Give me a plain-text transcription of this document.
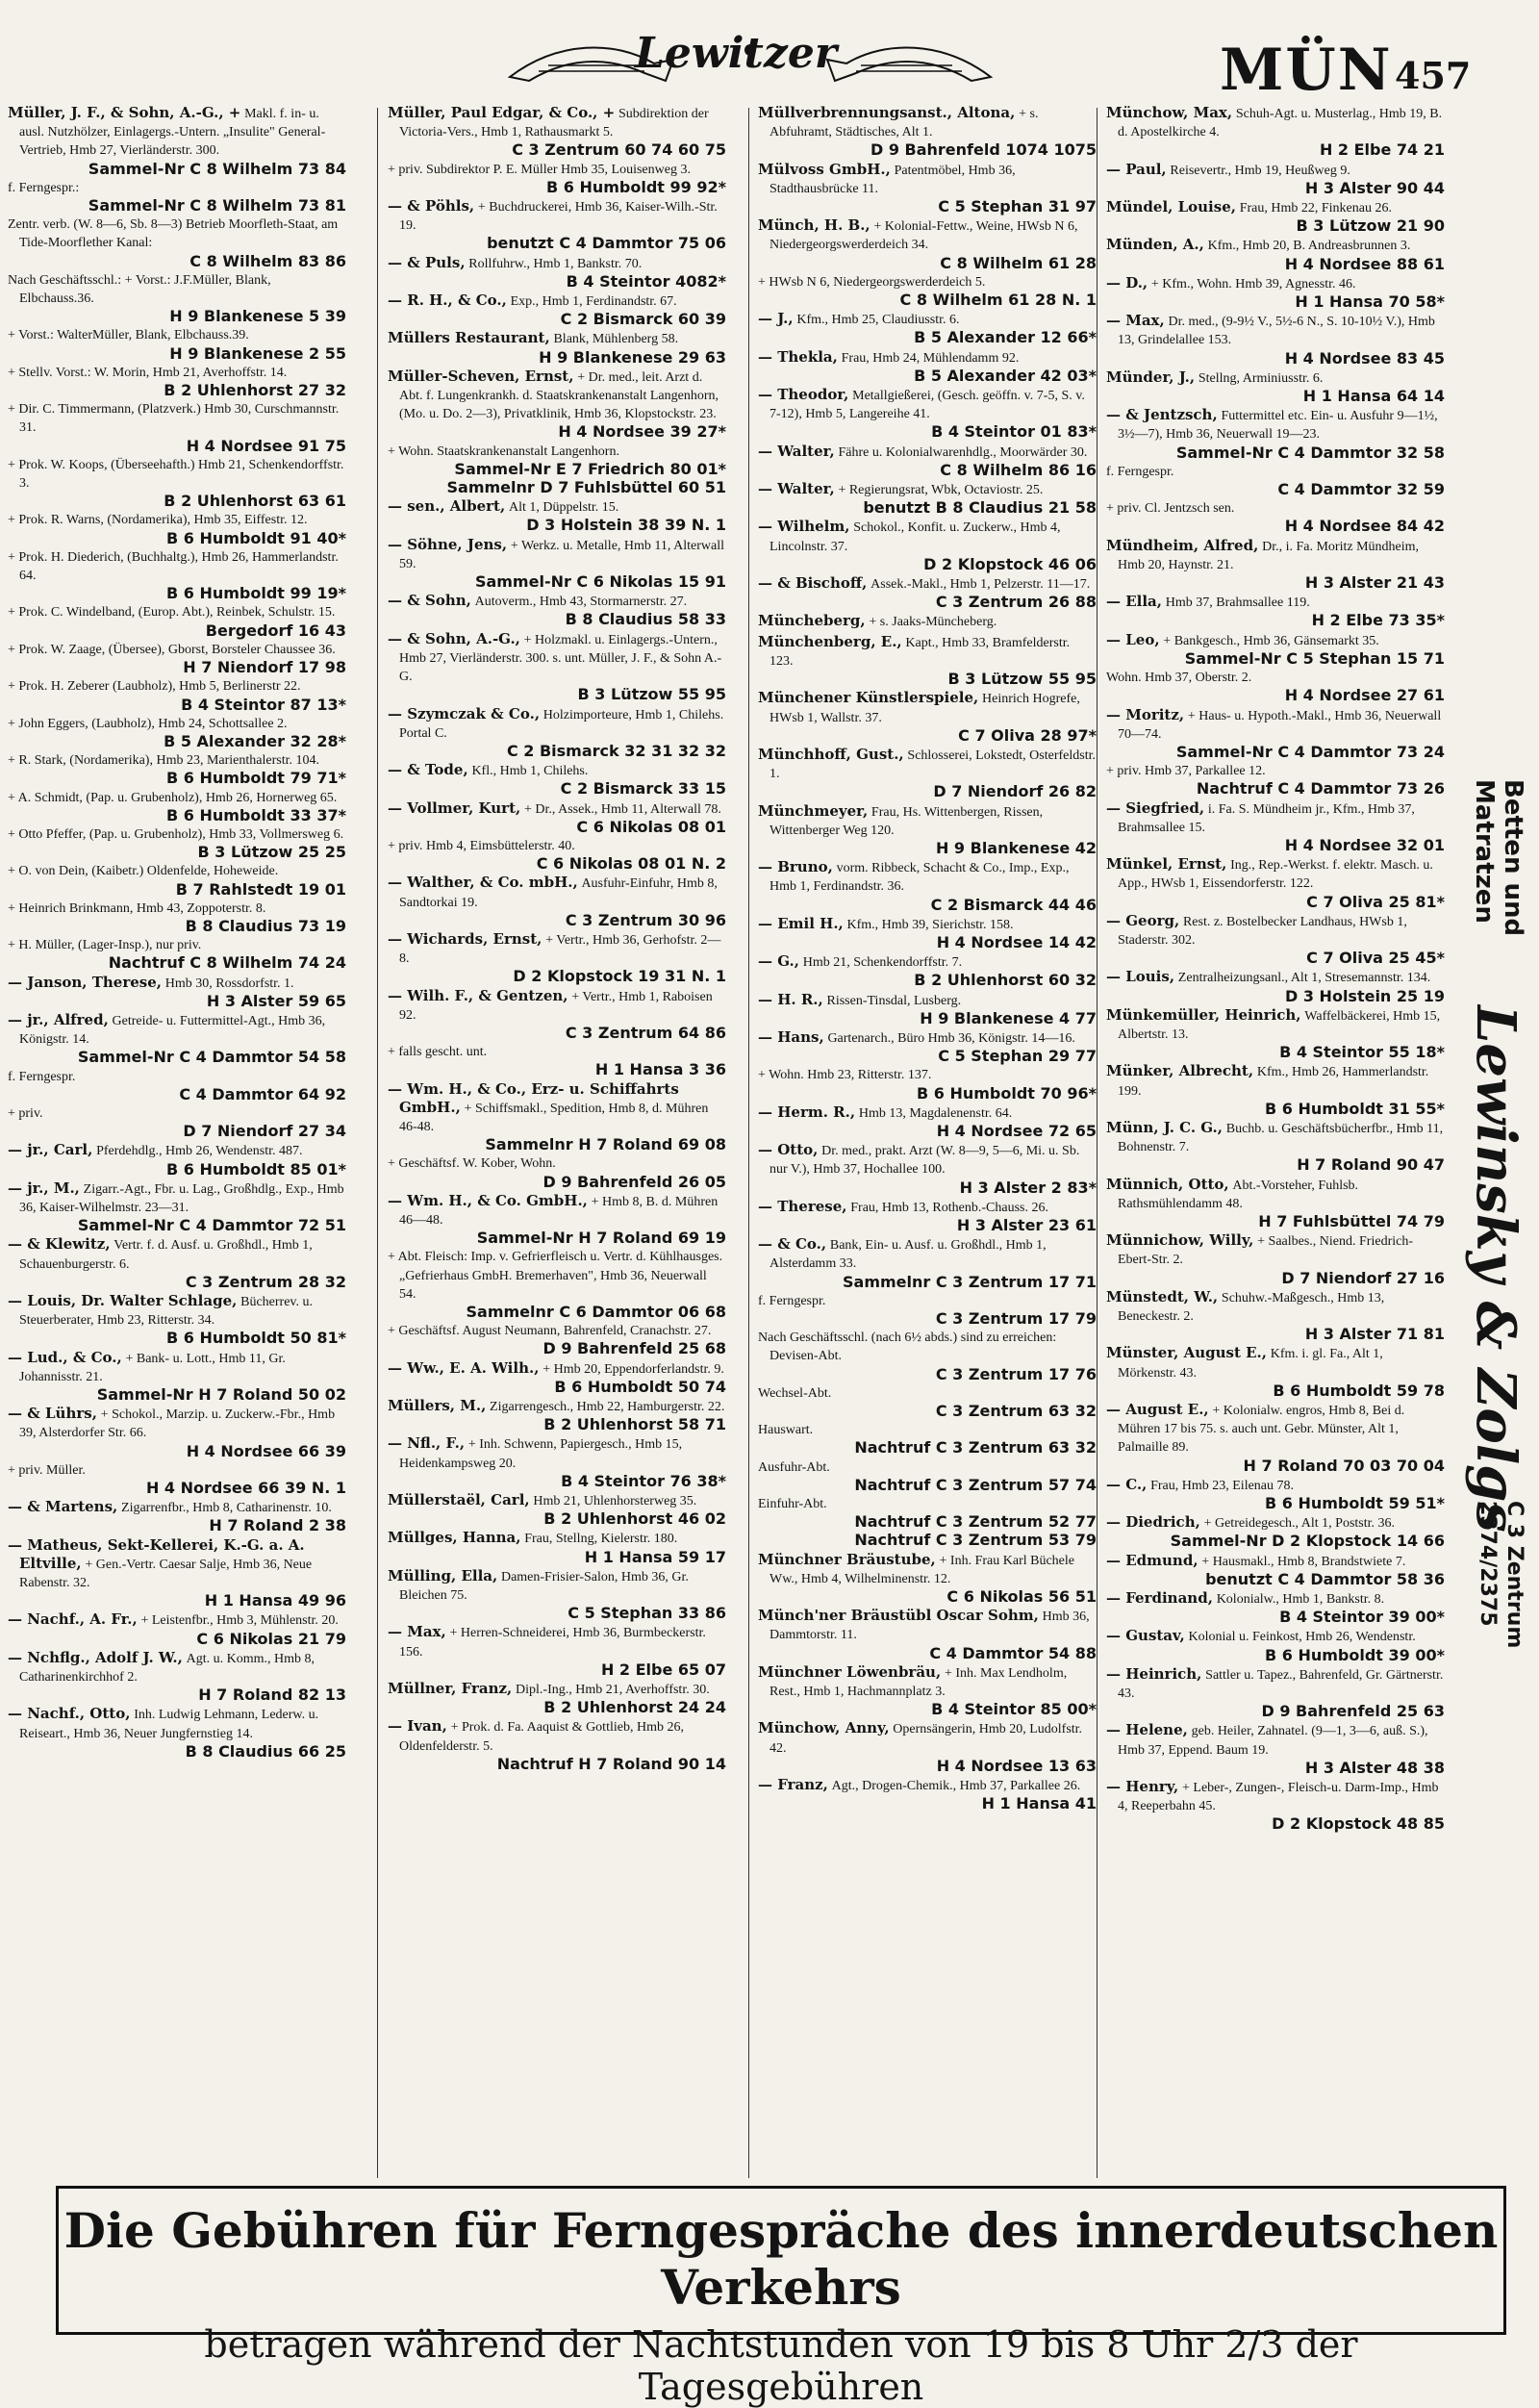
Lewitzer	MÜN 457
Müller, J. F., & Sohn, A.-G., + Makl. f. in- u. ausl. Nutzhölzer, Einlagergs.-Untern. „Insulite" General-Vertrieb, Hmb 27, Vierländerstr. 300.
Sammel-Nr C 8 Wilhelm 73 84
f. Ferngespr.:
Sammel-Nr C 8 Wilhelm 73 81
Zentr. verb. (W. 8—6, Sb. 8—3) Betrieb Moorfleth-Staat, am Tide-Moorflether Kanal:
C 8 Wilhelm 83 86
Nach Geschäftsschl.: + Vorst.: J.F.Müller, Blank, Elbchauss.36.
H 9 Blankenese 5 39
+ Vorst.: WalterMüller, Blank, Elbchauss.39.
H 9 Blankenese 2 55
+ Stellv. Vorst.: W. Morin, Hmb 21, Averhoffstr. 14.
B 2 Uhlenhorst 27 32
+ Dir. C. Timmermann, (Platzverk.) Hmb 30, Curschmannstr. 31.
H 4 Nordsee 91 75
+ Prok. W. Koops, (Überseehafth.) Hmb 21, Schenkendorffstr. 3.
B 2 Uhlenhorst 63 61
+ Prok. R. Warns, (Nordamerika), Hmb 35, Eiffestr. 12.
B 6 Humboldt 91 40*
+ Prok. H. Diederich, (Buchhaltg.), Hmb 26, Hammerlandstr. 64.
B 6 Humboldt 99 19*
+ Prok. C. Windelband, (Europ. Abt.), Reinbek, Schulstr. 15.
Bergedorf 16 43
+ Prok. W. Zaage, (Übersee), Gborst, Borsteler Chaussee 36.
H 7 Niendorf 17 98
+ Prok. H. Zeberer (Laubholz), Hmb 5, Berlinerstr 22.
B 4 Steintor 87 13*
+ John Eggers, (Laubholz), Hmb 24, Schottsallee 2.
B 5 Alexander 32 28*
+ R. Stark, (Nordamerika), Hmb 23, Marienthalerstr. 104.
B 6 Humboldt 79 71*
+ A. Schmidt, (Pap. u. Grubenholz), Hmb 26, Hornerweg 65.
B 6 Humboldt 33 37*
+ Otto Pfeffer, (Pap. u. Grubenholz), Hmb 33, Vollmersweg 6.
B 3 Lützow 25 25
+ O. von Dein, (Kaibetr.) Oldenfelde, Hoheweide.
B 7 Rahlstedt 19 01
+ Heinrich Brinkmann, Hmb 43, Zoppoterstr. 8.
B 8 Claudius 73 19
+ H. Müller, (Lager-Insp.), nur priv.
Nachtruf C 8 Wilhelm 74 24
— Janson, Therese, Hmb 30, Rossdorfstr. 1.
H 3 Alster 59 65
— jr., Alfred, Getreide- u. Futtermittel-Agt., Hmb 36, Königstr. 14.
Sammel-Nr C 4 Dammtor 54 58
f. Ferngespr.
C 4 Dammtor 64 92
+ priv.
D 7 Niendorf 27 34
— jr., Carl, Pferdehdlg., Hmb 26, Wendenstr. 487.
B 6 Humboldt 85 01*
— jr., M., Zigarr.-Agt., Fbr. u. Lag., Großhdlg., Exp., Hmb 36, Kaiser-Wilhelmstr. 23—31.
Sammel-Nr C 4 Dammtor 72 51
— & Klewitz, Vertr. f. d. Ausf. u. Großhdl., Hmb 1, Schauenburgerstr. 6.
C 3 Zentrum 28 32
— Louis, Dr. Walter Schlage, Bücherrev. u. Steuerberater, Hmb 23, Ritterstr. 34.
B 6 Humboldt 50 81*
— Lud., & Co., + Bank- u. Lott., Hmb 11, Gr. Johannisstr. 21.
Sammel-Nr H 7 Roland 50 02
— & Lührs, + Schokol., Marzip. u. Zuckerw.-Fbr., Hmb 39, Alsterdorfer Str. 66.
H 4 Nordsee 66 39
+ priv. Müller.
H 4 Nordsee 66 39 N. 1
— & Martens, Zigarrenfbr., Hmb 8, Catharinenstr. 10.
H 7 Roland 2 38
— Matheus, Sekt-Kellerei, K.-G. a. A. Eltville, + Gen.-Vertr. Caesar Salje, Hmb 36, Neue Rabenstr. 32.
H 1 Hansa 49 96
— Nachf., A. Fr., + Leistenfbr., Hmb 3, Mühlenstr. 20.
C 6 Nikolas 21 79
— Nchflg., Adolf J. W., Agt. u. Komm., Hmb 8, Catharinenkirchhof 2.
H 7 Roland 82 13
— Nachf., Otto, Inh. Ludwig Lehmann, Lederw. u. Reiseart., Hmb 36, Neuer Jungfernstieg 14.
B 8 Claudius 66 25
Müller, Paul Edgar, & Co., + Subdirektion der Victoria-Vers., Hmb 1, Rathausmarkt 5.
C 3 Zentrum 60 74 60 75
+ priv. Subdirektor P. E. Müller Hmb 35, Louisenweg 3.
B 6 Humboldt 99 92*
— & Pöhls, + Buchdruckerei, Hmb 36, Kaiser-Wilh.-Str. 19.
benutzt C 4 Dammtor 75 06
— & Puls, Rollfuhrw., Hmb 1, Bankstr. 70.
B 4 Steintor 4082*
— R. H., & Co., Exp., Hmb 1, Ferdinandstr. 67.
C 2 Bismarck 60 39
Müllers Restaurant, Blank, Mühlenberg 58.
H 9 Blankenese 29 63
Müller-Scheven, Ernst, + Dr. med., leit. Arzt d. Abt. f. Lungenkrankh. d. Staatskrankenanstalt Langenhorn, (Mo. u. Do. 2—3), Privatklinik, Hmb 36, Klopstockstr. 23.
H 4 Nordsee 39 27*
+ Wohn. Staatskrankenanstalt Langenhorn.
Sammel-Nr E 7 Friedrich 80 01*
Sammelnr D 7 Fuhlsbüttel 60 51
— sen., Albert, Alt 1, Düppelstr. 15.
D 3 Holstein 38 39 N. 1
— Söhne, Jens, + Werkz. u. Metalle, Hmb 11, Alterwall 59.
Sammel-Nr C 6 Nikolas 15 91
— & Sohn, Autoverm., Hmb 43, Stormarnerstr. 27.
B 8 Claudius 58 33
— & Sohn, A.-G., + Holzmakl. u. Einlagergs.-Untern., Hmb 27, Vierländerstr. 300. s. unt. Müller, J. F., & Sohn A.-G.
B 3 Lützow 55 95
— Szymczak & Co., Holzimporteure, Hmb 1, Chilehs. Portal C.
C 2 Bismarck 32 31 32 32
— & Tode, Kfl., Hmb 1, Chilehs.
C 2 Bismarck 33 15
— Vollmer, Kurt, + Dr., Assek., Hmb 11, Alterwall 78.
C 6 Nikolas 08 01
+ priv. Hmb 4, Eimsbüttelerstr. 40.
C 6 Nikolas 08 01 N. 2
— Walther, & Co. mbH., Ausfuhr-Einfuhr, Hmb 8, Sandtorkai 19.
C 3 Zentrum 30 96
— Wichards, Ernst, + Vertr., Hmb 36, Gerhofstr. 2—8.
D 2 Klopstock 19 31 N. 1
— Wilh. F., & Gentzen, + Vertr., Hmb 1, Raboisen 92.
C 3 Zentrum 64 86
+ falls gescht. unt.
H 1 Hansa 3 36
— Wm. H., & Co., Erz- u. Schiffahrts GmbH., + Schiffsmakl., Spedition, Hmb 8, d. Mühren 46-48.
Sammelnr H 7 Roland 69 08
+ Geschäftsf. W. Kober, Wohn.
D 9 Bahrenfeld 26 05
— Wm. H., & Co. GmbH., + Hmb 8, B. d. Mühren 46—48.
Sammel-Nr H 7 Roland 69 19
+ Abt. Fleisch: Imp. v. Gefrierfleisch u. Vertr. d. Kühlhausges. „Gefrierhaus GmbH. Bremerhaven", Hmb 36, Neuerwall 54.
Sammelnr C 6 Dammtor 06 68
+ Geschäftsf. August Neumann, Bahrenfeld, Cranachstr. 27.
D 9 Bahrenfeld 25 68
— Ww., E. A. Wilh., + Hmb 20, Eppendorferlandstr. 9.
B 6 Humboldt 50 74
Müllers, M., Zigarrengesch., Hmb 22, Hamburgerstr. 22.
B 2 Uhlenhorst 58 71
— Nfl., F., + Inh. Schwenn, Papiergesch., Hmb 15, Heidenkampsweg 20.
B 4 Steintor 76 38*
Müllerstaël, Carl, Hmb 21, Uhlenhorsterweg 35.
B 2 Uhlenhorst 46 02
Müllges, Hanna, Frau, Stellng, Kielerstr. 180.
H 1 Hansa 59 17
Mülling, Ella, Damen-Frisier-Salon, Hmb 36, Gr. Bleichen 75.
C 5 Stephan 33 86
— Max, + Herren-Schneiderei, Hmb 36, Burmbeckerstr. 156.
H 2 Elbe 65 07
Müllner, Franz, Dipl.-Ing., Hmb 21, Averhoffstr. 30.
B 2 Uhlenhorst 24 24
— Ivan, + Prok. d. Fa. Aaquist & Gottlieb, Hmb 26, Oldenfelderstr. 5.
Nachtruf H 7 Roland 90 14
Müllverbrennungsanst., Altona, + s. Abfuhramt, Städtisches, Alt 1.
D 9 Bahrenfeld 1074 1075
Mülvoss GmbH., Patentmöbel, Hmb 36, Stadthausbrücke 11.
C 5 Stephan 31 97
Münch, H. B., + Kolonial-Fettw., Weine, HWsb N 6, Niedergeorgswerderdeich 34.
C 8 Wilhelm 61 28
+ HWsb N 6, Niedergeorgswerderdeich 5.
C 8 Wilhelm 61 28 N. 1
— J., Kfm., Hmb 25, Claudiusstr. 6.
B 5 Alexander 12 66*
— Thekla, Frau, Hmb 24, Mühlendamm 92.
B 5 Alexander 42 03*
— Theodor, Metallgießerei, (Gesch. geöffn. v. 7-5, S. v. 7-12), Hmb 5, Langereihe 41.
B 4 Steintor 01 83*
— Walter, Fähre u. Kolonialwarenhdlg., Moorwärder 30.
C 8 Wilhelm 86 16
— Walter, + Regierungsrat, Wbk, Octaviostr. 25.
benutzt B 8 Claudius 21 58
— Wilhelm, Schokol., Konfit. u. Zuckerw., Hmb 4, Lincolnstr. 37.
D 2 Klopstock 46 06
— & Bischoff, Assek.-Makl., Hmb 1, Pelzerstr. 11—17.
C 3 Zentrum 26 88
Müncheberg, + s. Jaaks-Müncheberg.
Münchenberg, E., Kapt., Hmb 33, Bramfelderstr. 123.
B 3 Lützow 55 95
Münchener Künstlerspiele, Heinrich Hogrefe, HWsb 1, Wallstr. 37.
C 7 Oliva 28 97*
Münchhoff, Gust., Schlosserei, Lokstedt, Osterfeldstr. 1.
D 7 Niendorf 26 82
Münchmeyer, Frau, Hs. Wittenbergen, Rissen, Wittenberger Weg 120.
H 9 Blankenese 42
— Bruno, vorm. Ribbeck, Schacht & Co., Imp., Exp., Hmb 1, Ferdinandstr. 36.
C 2 Bismarck 44 46
— Emil H., Kfm., Hmb 39, Sierichstr. 158.
H 4 Nordsee 14 42
— G., Hmb 21, Schenkendorffstr. 7.
B 2 Uhlenhorst 60 32
— H. R., Rissen-Tinsdal, Lusberg.
H 9 Blankenese 4 77
— Hans, Gartenarch., Büro Hmb 36, Königstr. 14—16.
C 5 Stephan 29 77
+ Wohn. Hmb 23, Ritterstr. 137.
B 6 Humboldt 70 96*
— Herm. R., Hmb 13, Magdalenenstr. 64.
H 4 Nordsee 72 65
— Otto, Dr. med., prakt. Arzt (W. 8—9, 5—6, Mi. u. Sb. nur V.), Hmb 37, Hochallee 100.
H 3 Alster 2 83*
— Therese, Frau, Hmb 13, Rothenb.-Chauss. 26.
H 3 Alster 23 61
— & Co., Bank, Ein- u. Ausf. u. Großhdl., Hmb 1, Alsterdamm 33.
Sammelnr C 3 Zentrum 17 71
f. Ferngespr.
C 3 Zentrum 17 79
Nach Geschäftsschl. (nach 6½ abds.) sind zu erreichen: Devisen-Abt.
C 3 Zentrum 17 76
Wechsel-Abt.
C 3 Zentrum 63 32
Hauswart.
Nachtruf C 3 Zentrum 63 32
Ausfuhr-Abt.
Nachtruf C 3 Zentrum 57 74
Einfuhr-Abt.
Nachtruf C 3 Zentrum 52 77
Nachtruf C 3 Zentrum 53 79
Münchner Bräustube, + Inh. Frau Karl Büchele Ww., Hmb 4, Wilhelminenstr. 12.
C 6 Nikolas 56 51
Münch'ner Bräustübl Oscar Sohm, Hmb 36, Dammtorstr. 11.
C 4 Dammtor 54 88
Münchner Löwenbräu, + Inh. Max Lendholm, Rest., Hmb 1, Hachmannplatz 3.
B 4 Steintor 85 00*
Münchow, Anny, Opernsängerin, Hmb 20, Ludolfstr. 42.
H 4 Nordsee 13 63
— Franz, Agt., Drogen-Chemik., Hmb 37, Parkallee 26.
H 1 Hansa 41
Münchow, Max, Schuh-Agt. u. Musterlag., Hmb 19, B. d. Apostelkirche 4.
H 2 Elbe 74 21
— Paul, Reisevertr., Hmb 19, Heußweg 9.
H 3 Alster 90 44
Mündel, Louise, Frau, Hmb 22, Finkenau 26.
B 3 Lützow 21 90
Münden, A., Kfm., Hmb 20, B. Andreasbrunnen 3.
H 4 Nordsee 88 61
— D., + Kfm., Wohn. Hmb 39, Agnesstr. 46.
H 1 Hansa 70 58*
— Max, Dr. med., (9-9½ V., 5½-6 N., S. 10-10½ V.), Hmb 13, Grindelallee 153.
H 4 Nordsee 83 45
Münder, J., Stellng, Arminiusstr. 6.
H 1 Hansa 64 14
— & Jentzsch, Futtermittel etc. Ein- u. Ausfuhr 9—1½, 3½—7), Hmb 36, Neuerwall 19—23.
Sammel-Nr C 4 Dammtor 32 58
f. Ferngespr.
C 4 Dammtor 32 59
+ priv. Cl. Jentzsch sen.
H 4 Nordsee 84 42
Mündheim, Alfred, Dr., i. Fa. Moritz Mündheim, Hmb 20, Haynstr. 21.
H 3 Alster 21 43
— Ella, Hmb 37, Brahmsallee 119.
H 2 Elbe 73 35*
— Leo, + Bankgesch., Hmb 36, Gänsemarkt 35.
Sammel-Nr C 5 Stephan 15 71
Wohn. Hmb 37, Oberstr. 2.
H 4 Nordsee 27 61
— Moritz, + Haus- u. Hypoth.-Makl., Hmb 36, Neuerwall 70—74.
Sammel-Nr C 4 Dammtor 73 24
+ priv. Hmb 37, Parkallee 12.
Nachtruf C 4 Dammtor 73 26
— Siegfried, i. Fa. S. Mündheim jr., Kfm., Hmb 37, Brahmsallee 15.
H 4 Nordsee 32 01
Münkel, Ernst, Ing., Rep.-Werkst. f. elektr. Masch. u. App., HWsb 1, Eissendorferstr. 122.
C 7 Oliva 25 81*
— Georg, Rest. z. Bostelbecker Landhaus, HWsb 1, Staderstr. 302.
C 7 Oliva 25 45*
— Louis, Zentralheizungsanl., Alt 1, Stresemannstr. 134.
D 3 Holstein 25 19
Münkemüller, Heinrich, Waffelbäckerei, Hmb 15, Albertstr. 13.
B 4 Steintor 55 18*
Münker, Albrecht, Kfm., Hmb 26, Hammerlandstr. 199.
B 6 Humboldt 31 55*
Münn, J. C. G., Buchb. u. Geschäftsbücherfbr., Hmb 11, Bohnenstr. 7.
H 7 Roland 90 47
Münnich, Otto, Abt.-Vorsteher, Fuhlsb. Rathsmühlendamm 48.
H 7 Fuhlsbüttel 74 79
Münnichow, Willy, + Saalbes., Niend. Friedrich-Ebert-Str. 2.
D 7 Niendorf 27 16
Münstedt, W., Schuhw.-Maßgesch., Hmb 13, Beneckestr. 2.
H 3 Alster 71 81
Münster, August E., Kfm. i. gl. Fa., Alt 1, Mörkenstr. 43.
B 6 Humboldt 59 78
— August E., + Kolonialw. engros, Hmb 8, Bei d. Mühren 17 bis 75. s. auch unt. Gebr. Münster, Alt 1, Palmaille 89.
H 7 Roland 70 03 70 04
— C., Frau, Hmb 23, Eilenau 78.
B 6 Humboldt 59 51*
— Diedrich, + Getreidegesch., Alt 1, Poststr. 36.
Sammel-Nr D 2 Klopstock 14 66
— Edmund, + Hausmakl., Hmb 8, Brandstwiete 7.
benutzt C 4 Dammtor 58 36
— Ferdinand, Kolonialw., Hmb 1, Bankstr. 8.
B 4 Steintor 39 00*
— Gustav, Kolonial u. Feinkost, Hmb 26, Wendenstr.
B 6 Humboldt 39 00*
— Heinrich, Sattler u. Tapez., Bahrenfeld, Gr. Gärtnerstr. 43.
D 9 Bahrenfeld 25 63
— Helene, geb. Heiler, Zahnatel. (9—1, 3—6, auß. S.), Hmb 37, Eppend. Baum 19.
H 3 Alster 48 38
— Henry, + Leber-, Zungen-, Fleisch-u. Darm-Imp., Hmb 4, Reeperbahn 45.
D 2 Klopstock 48 85
Betten und Matratzen
Lewinsky & Zolgs
C 3 Zentrum
2374/2375
Die Gebühren für Ferngespräche des innerdeutschen Verkehrs
betragen während der Nachtstunden von 19 bis 8 Uhr 2/3 der Tagesgebühren
